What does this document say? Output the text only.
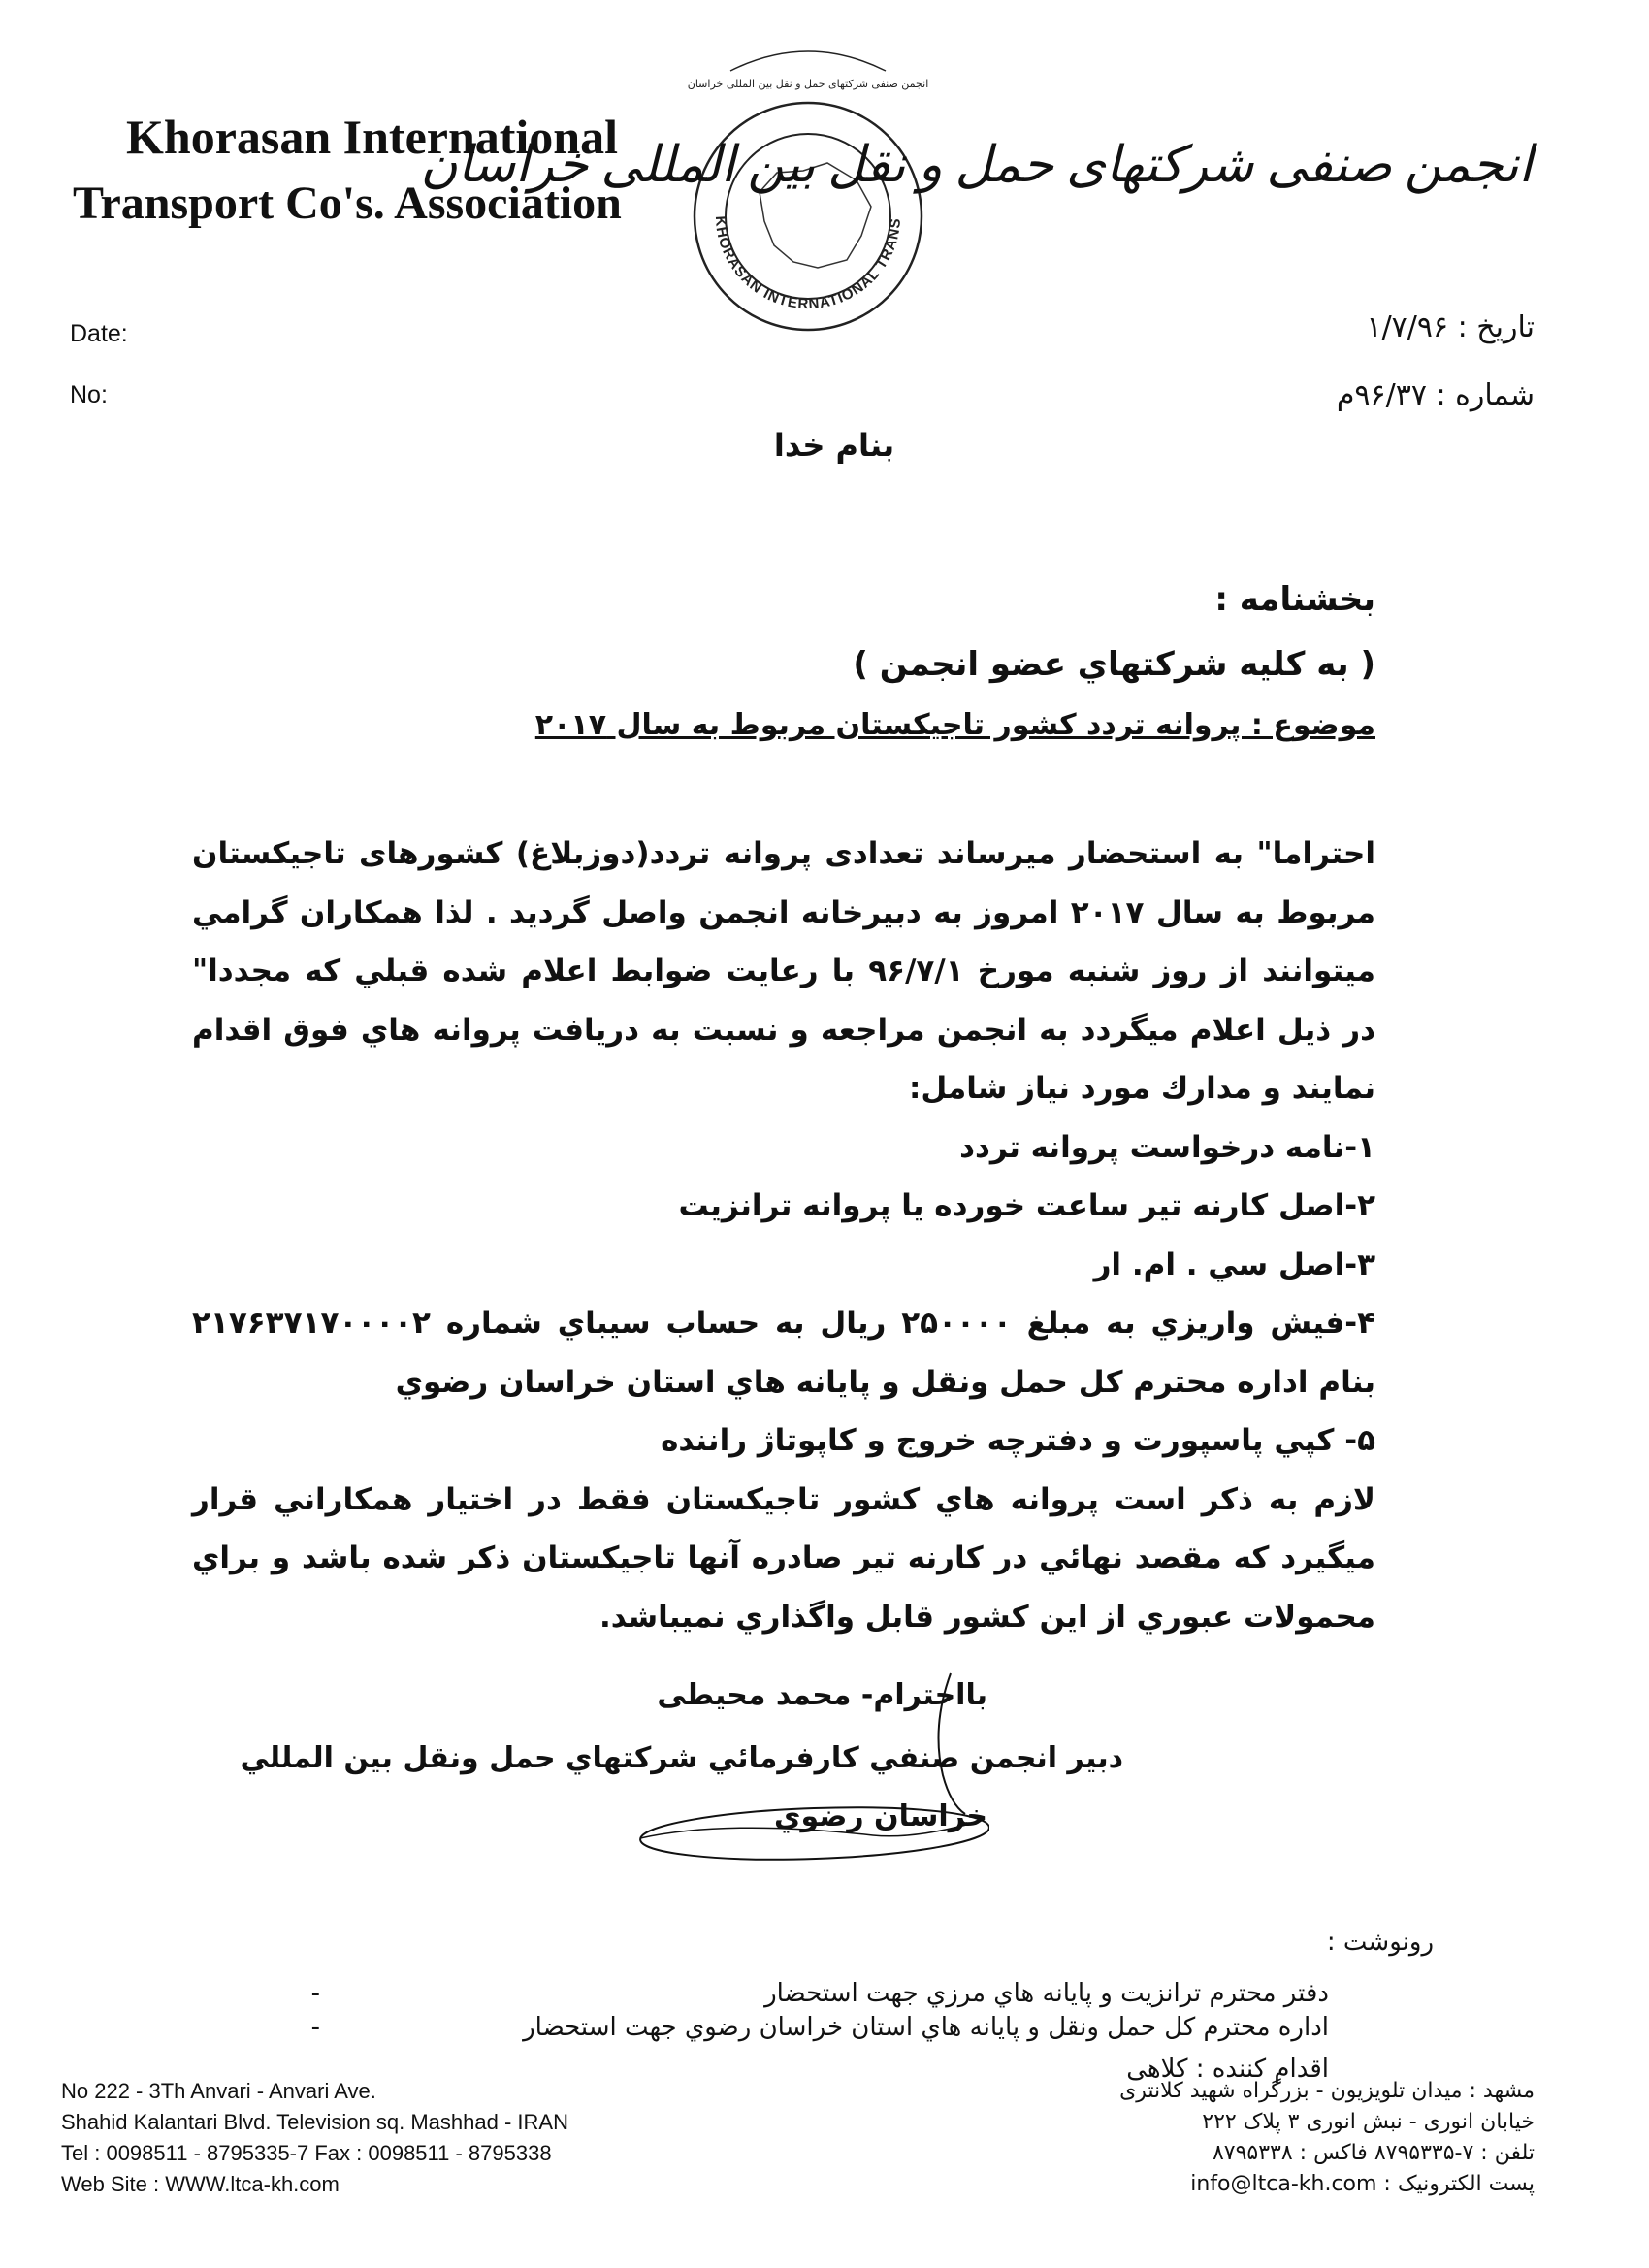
Khorasan International
Transport Co's. Association	KHORASAN INTERNATIONAL TRANS
انجمن صنفی شرکتهای حمل و نقل بین المللی خراسان
انجمن صنفی شرکتهای حمل و نقل بین المللی خراسان
Date:
No:
تاریخ : ۱/۷/۹۶
شماره : ۹۶/۳۷م
بنام خدا
بخشنامه :
( به کليه شرکتهاي عضو انجمن )
موضوع : پروانه تردد کشور تاجیکستان مربوط به سال ۲۰۱۷

احتراما" به استحضار ميرساند تعدادی پروانه تردد(دوزبلاغ) کشورهای تاجیکستان مربوط به سال ۲۰۱۷ امروز به دبيرخانه انجمن واصل گرديد . لذا همکاران گرامي ميتوانند از روز شنبه مورخ ۹۶/۷/۱ با رعايت ضوابط اعلام شده قبلي که مجددا" در ذيل اعلام ميگردد به انجمن مراجعه و نسبت به دريافت پروانه هاي فوق اقدام نمايند و مدارك مورد نياز شامل:

۱-نامه درخواست پروانه تردد

۲-اصل کارنه تير ساعت خورده يا پروانه ترانزيت

۳-اصل سي . ام. ار

۴-فيش واريزي به مبلغ ۲۵۰۰۰۰ ريال به حساب سيباي شماره ۲۱۷۶۳۷۱۷۰۰۰۰۲ بنام اداره محترم کل حمل ونقل و پايانه هاي استان خراسان رضوي

۵- کپي پاسپورت و دفترچه خروج و کاپوتاژ راننده

لازم به ذکر است پروانه هاي کشور تاجیکستان فقط در اختيار همکاراني قرار ميگيرد که مقصد نهائي در کارنه تير صادره آنها تاجیکستان ذکر شده باشد و براي محمولات عبوري از اين کشور قابل واگذاري نميباشد.

بااحترام- محمد محیطی
دبير انجمن صنفي کارفرمائي شرکتهاي حمل ونقل بين المللي
خراسان رضوي
رونوشت :
-	دفتر محترم ترانزیت و پایانه هاي مرزي جهت استحضار
-	اداره محترم کل حمل ونقل و پايانه هاي استان خراسان رضوي جهت استحضار
اقدام کننده : کلاهی
No 222 - 3Th Anvari - Anvari Ave.
Shahid Kalantari Blvd. Television sq. Mashhad - IRAN
Tel : 0098511 - 8795335-7 Fax : 0098511 - 8795338
Web Site : WWW.ltca-kh.com
مشهد : میدان تلویزیون - بزرگراه شهید کلانتری
خیابان انوری - نبش انوری ۳ پلاک ۲۲۲
تلفن : ۷-۸۷۹۵۳۳۵ فاکس : ۸۷۹۵۳۳۸
پست الکترونیک : info@ltca-kh.com
